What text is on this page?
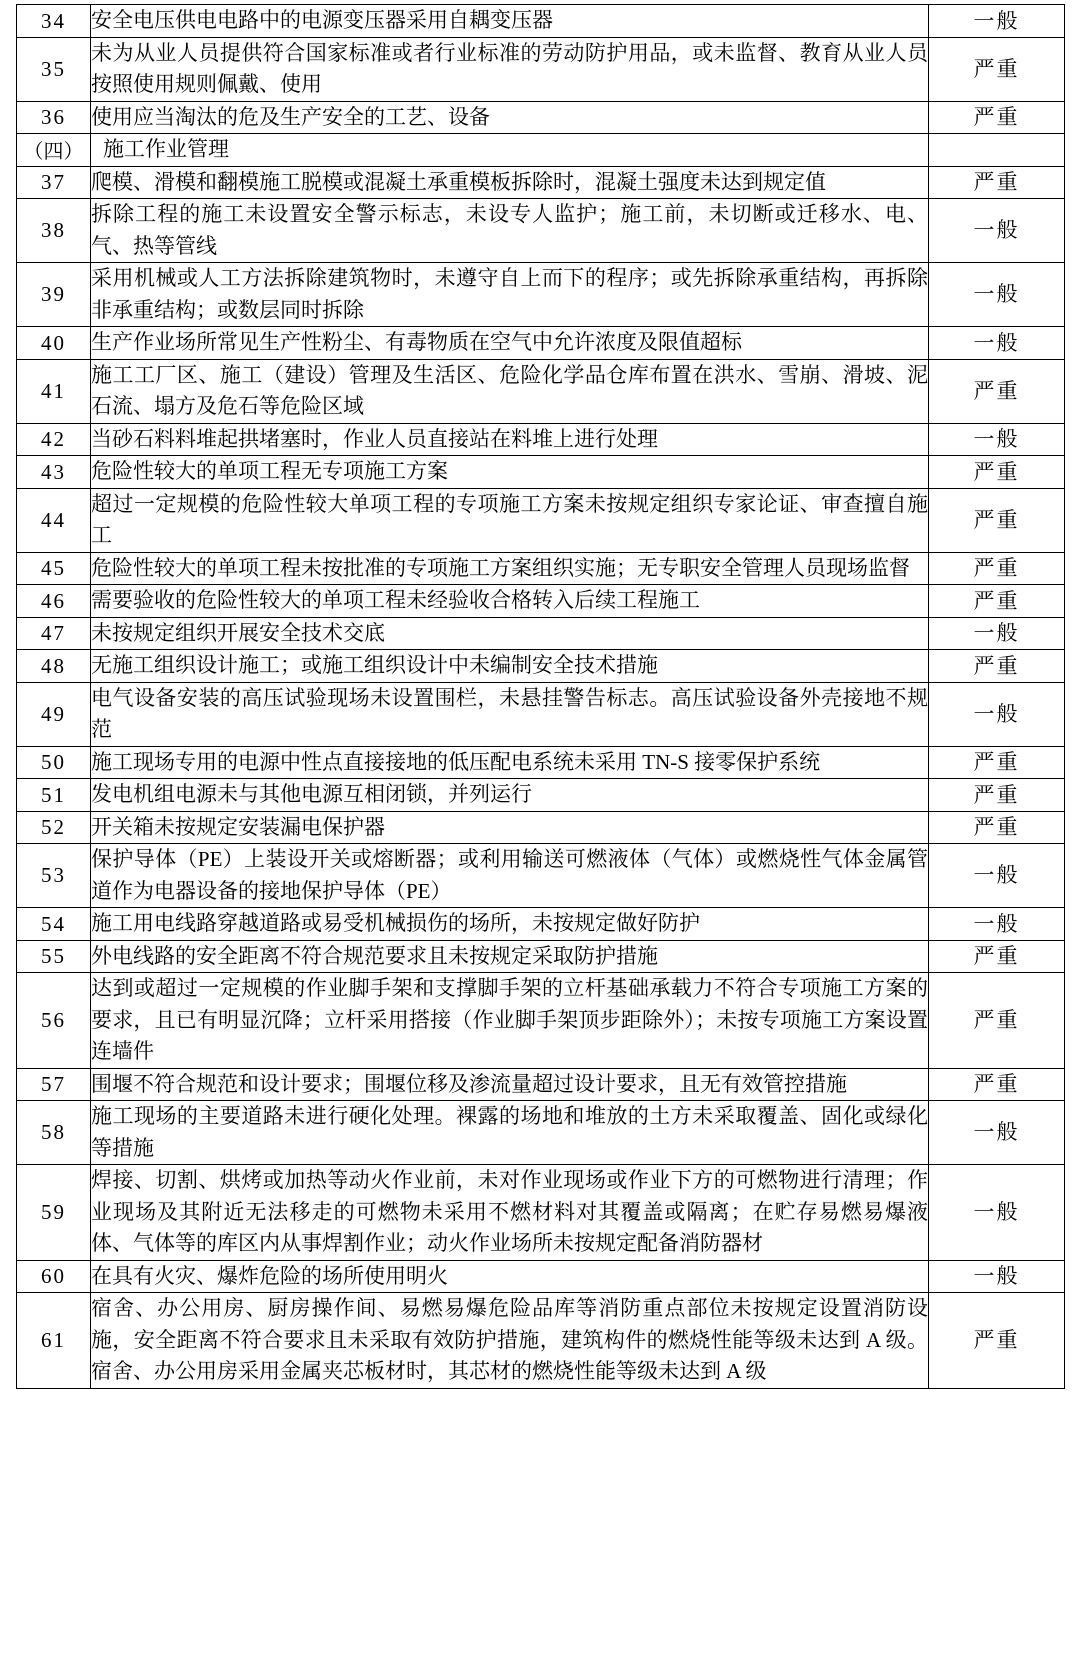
34	安全电压供电电路中的电源变压器采用自耦变压器	一般
35	未为从业人员提供符合国家标准或者行业标准的劳动防护用品，或未监督、教育从业人员按照使用规则佩戴、使用	严重
36	使用应当淘汰的危及生产安全的工艺、设备	严重
（四）	施工作业管理	
37	爬模、滑模和翻模施工脱模或混凝土承重模板拆除时，混凝土强度未达到规定值	严重
38	拆除工程的施工未设置安全警示标志，未设专人监护；施工前，未切断或迁移水、电、气、热等管线	一般
39	采用机械或人工方法拆除建筑物时，未遵守自上而下的程序；或先拆除承重结构，再拆除非承重结构；或数层同时拆除	一般
40	生产作业场所常见生产性粉尘、有毒物质在空气中允许浓度及限值超标	一般
41	施工工厂区、施工（建设）管理及生活区、危险化学品仓库布置在洪水、雪崩、滑坡、泥石流、塌方及危石等危险区域	严重
42	当砂石料料堆起拱堵塞时，作业人员直接站在料堆上进行处理	一般
43	危险性较大的单项工程无专项施工方案	严重
44	超过一定规模的危险性较大单项工程的专项施工方案未按规定组织专家论证、审查擅自施工	严重
45	危险性较大的单项工程未按批准的专项施工方案组织实施；无专职安全管理人员现场监督	严重
46	需要验收的危险性较大的单项工程未经验收合格转入后续工程施工	严重
47	未按规定组织开展安全技术交底	一般
48	无施工组织设计施工；或施工组织设计中未编制安全技术措施	严重
49	电气设备安装的高压试验现场未设置围栏，未悬挂警告标志。高压试验设备外壳接地不规范	一般
50	施工现场专用的电源中性点直接接地的低压配电系统未采用 TN-S 接零保护系统	严重
51	发电机组电源未与其他电源互相闭锁，并列运行	严重
52	开关箱未按规定安装漏电保护器	严重
53	保护导体（PE）上装设开关或熔断器；或利用输送可燃液体（气体）或燃烧性气体金属管道作为电器设备的接地保护导体（PE）	一般
54	施工用电线路穿越道路或易受机械损伤的场所，未按规定做好防护	一般
55	外电线路的安全距离不符合规范要求且未按规定采取防护措施	严重
56	达到或超过一定规模的作业脚手架和支撑脚手架的立杆基础承载力不符合专项施工方案的要求，且已有明显沉降；立杆采用搭接（作业脚手架顶步距除外）；未按专项施工方案设置连墙件	严重
57	围堰不符合规范和设计要求；围堰位移及渗流量超过设计要求，且无有效管控措施	严重
58	施工现场的主要道路未进行硬化处理。裸露的场地和堆放的土方未采取覆盖、固化或绿化等措施	一般
59	焊接、切割、烘烤或加热等动火作业前，未对作业现场或作业下方的可燃物进行清理；作业现场及其附近无法移走的可燃物未采用不燃材料对其覆盖或隔离；在贮存易燃易爆液体、气体等的库区内从事焊割作业；动火作业场所未按规定配备消防器材	一般
60	在具有火灾、爆炸危险的场所使用明火	一般
61	宿舍、办公用房、厨房操作间、易燃易爆危险品库等消防重点部位未按规定设置消防设施，安全距离不符合要求且未采取有效防护措施，建筑构件的燃烧性能等级未达到 A 级。宿舍、办公用房采用金属夹芯板材时，其芯材的燃烧性能等级未达到 A 级	严重
